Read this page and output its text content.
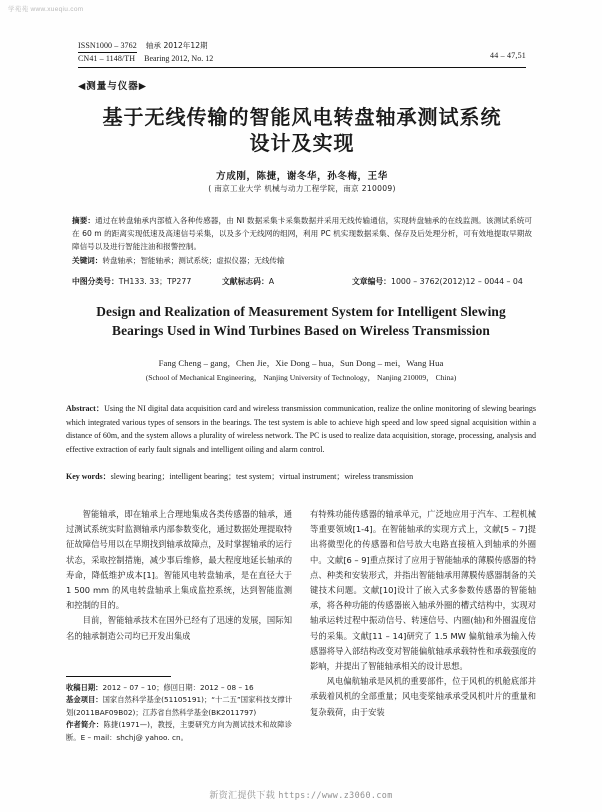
学苑苑 www.xueqiu.com
ISSN1000 – 3762 轴承 2012年12期
CN41 – 1148/TH Bearing 2012, No. 12	44 – 47,51
◀测量与仪器▶
基于无线传输的智能风电转盘轴承测试系统
设计及实现
方成刚，陈捷，谢冬华，孙冬梅，王华
( 南京工业大学 机械与动力工程学院，南京 210009)

摘要：通过在转盘轴承内部植入各种传感器，由 NI 数据采集卡采集数据并采用无线传输通信，实现转盘轴承的在线监测。该测试系统可在 60 m 的距离实现低速及高速信号采集，以及多个无线网的组网，利用 PC 机实现数据采集、保存及后处理分析，可有效地提取早期故障信号以及进行智能注油和报警控制。

关键词：转盘轴承；智能轴承；测试系统；虚拟仪器；无线传输
中图分类号：TH133. 33；TP277	文献标志码：A	文章编号：1000 – 3762(2012)12 – 0044 – 04
Design and Realization of Measurement System for Intelligent Slewing
Bearings Used in Wind Turbines Based on Wireless Transmission
Fang Cheng – gang，Chen Jie，Xie Dong – hua，Sun Dong – mei，Wang Hua
(School of Mechanical Engineering， Nanjing University of Technology， Nanjing 210009， China)

Abstract：Using the NI digital data acquisition card and wireless transmission communication, realize the online monitoring of slewing bearings which integrated various types of sensors in the bearings. The test system is able to achieve high speed and low speed signal acquisition within a distance of 60m, and the system allows a plurality of wireless network. The PC is used to realize data acquisition, storage, processing, analysis and effective extraction of early fault signals and intelligent oiling and alarm control.

Key words：slewing bearing；intelligent bearing；test system；virtual instrument；wireless transmission

智能轴承，即在轴承上合理地集成各类传感器的轴承，通过测试系统实时监测轴承内部参数变化，通过数据处理提取特征故障信号用以在早期找到轴承故障点，及时掌握轴承的运行状态，采取控制措施，减少事后维修，最大程度地延长轴承的寿命，降低维护成本[1]。智能风电转盘轴承，是在直径大于 1 500 mm 的风电转盘轴承上集成监控系统，达到智能监测和控制的目的。

目前，智能轴承技术在国外已经有了迅速的发展，国际知名的轴承制造公司均已开发出集成

有特殊功能传感器的轴承单元，广泛地应用于汽车、工程机械等重要领域[1-4]。在智能轴承的实现方式上，文献[5 – 7]提出将微型化的传感器和信号放大电路直接植入到轴承的外圈中。文献[6 – 9]重点探讨了应用于智能轴承的薄膜传感器的特点、种类和安装形式，并指出智能轴承用薄膜传感器制备的关键技术问题。文献[10]设计了嵌入式多参数传感器的智能轴承，将各种功能的传感器嵌入轴承外圈的槽式结构中，实现对轴承运转过程中振动信号、转速信号、内圈(轴)和外圈温度信号的采集。文献[11 – 14]研究了 1.5 MW 偏航轴承为输入传感器将导入部结构改变对智能偏航轴承承载特性和承载强度的影响，并提出了智能轴承相关的设计思想。

风电偏航轴承是风机的重要部件，位于风机的机舱底部并承载着风机的全部重量；风电变桨轴承承受风机叶片的重量和复杂载荷，由于安装

收稿日期：2012 – 07 – 10；修回日期：2012 – 08 – 16

基金项目：国家自然科学基金(51105191)；“十二五”国家科技支撑计划(2011BAF09B02)；江苏省自然科学基金(BK2011797)

作者简介：陈捷(1971—)，教授，主要研究方向为测试技术和故障诊断。E – mail：shchj@ yahoo. cn。

新资汇提供下载 https://www.z3060.com
